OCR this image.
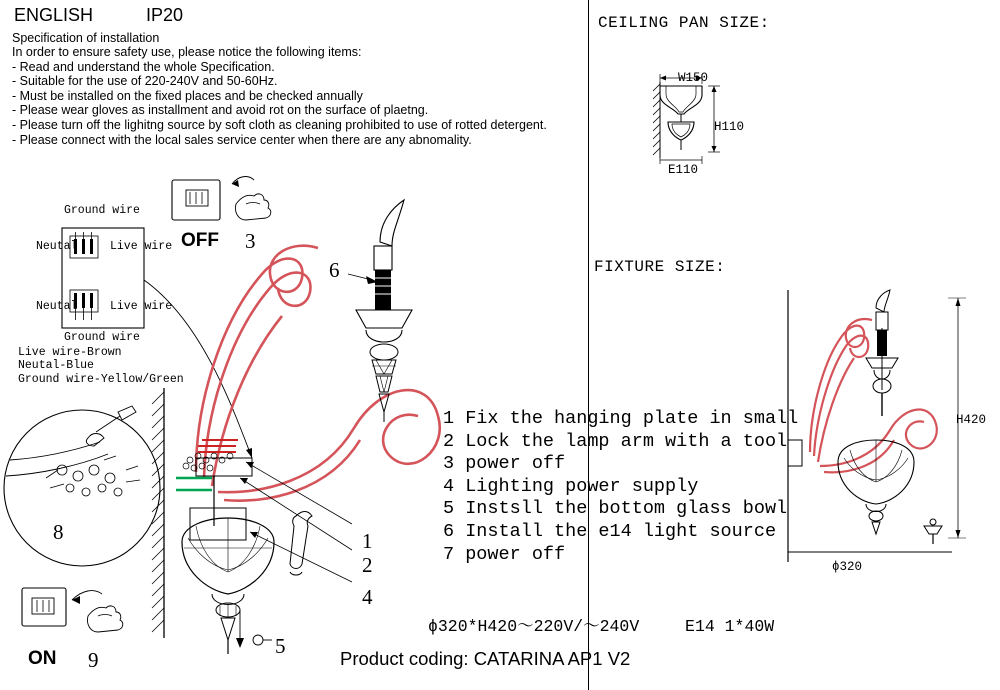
ENGLISH	IP20
Specification of installation
In order to ensure safety use, please notice the following items:
- Read and understand the whole Specification.
- Suitable for the use of 220-240V and 50-60Hz.
- Must be installed on the fixed places and be checked annually
- Please wear gloves as installment and avoid rot on the surface of plaetng.
- Please turn off the lighitng source by soft cloth as cleaning prohibited to use of rotted detergent.
- Please connect with the local sales service center when there are any abnomality.
CEILING PAN SIZE:
W150
H110
E110
FIXTURE SIZE:
H420
ϕ320
Ground wire
Neutal	Live wire
Neutal	Live wire
Ground wire
Live wire-Brown
Neutal-Blue
Ground wire-Yellow/Green
OFF 3
6
1
2
4
5
8
9
ON
1 Fix the hanging plate in small
2 Lock the lamp arm with a tool
3 power off
4 Lighting power supply
5 Instsll the bottom glass bowl
6 Install the e14 light source
7 power off
ϕ320*H420～220V/～240V	E14 1*40W
Product coding: CATARINA AP1 V2
